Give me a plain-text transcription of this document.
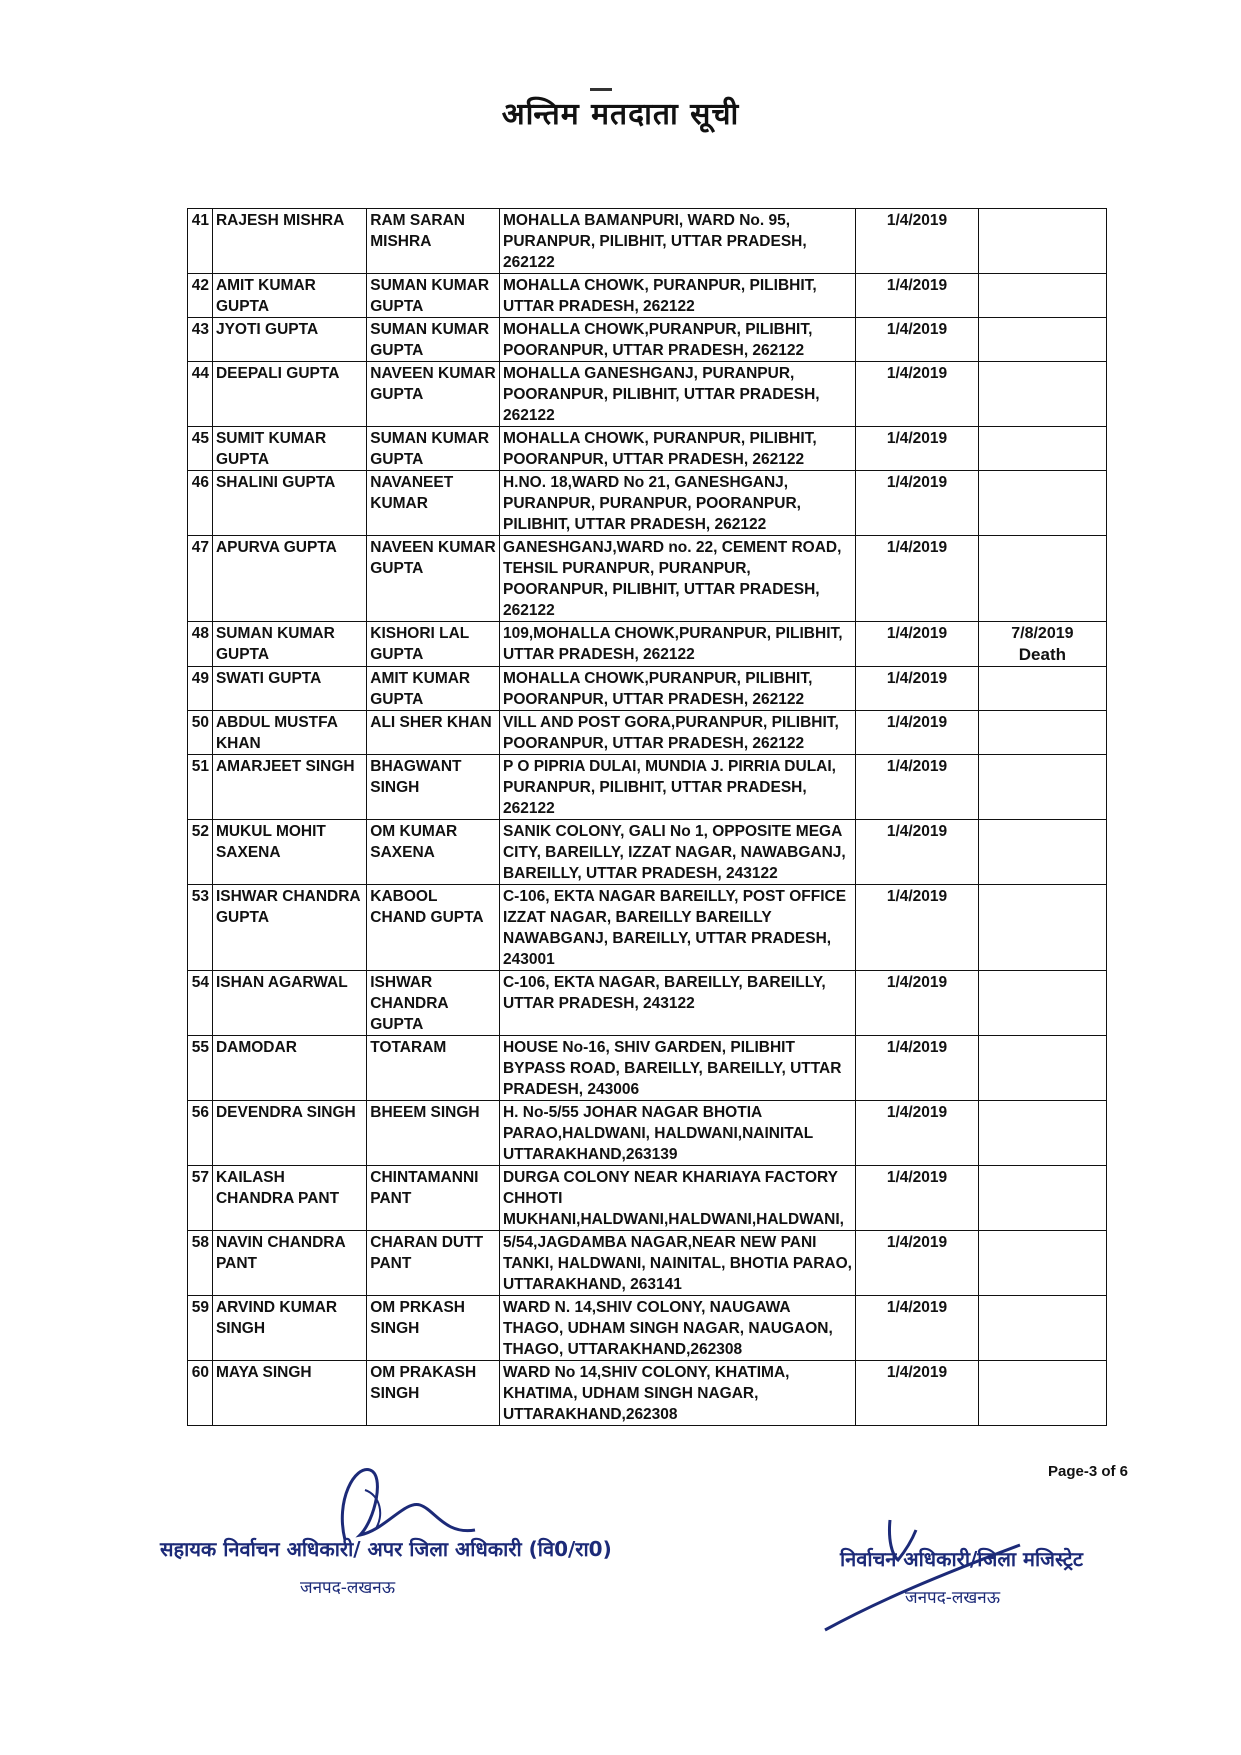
अन्तिम मतदाता सूची
41	RAJESH MISHRA	RAM SARAN MISHRA	MOHALLA BAMANPURI, WARD No. 95, PURANPUR, PILIBHIT, UTTAR PRADESH, 262122	1/4/2019	

42	AMIT KUMAR GUPTA	SUMAN KUMAR GUPTA	MOHALLA CHOWK, PURANPUR, PILIBHIT, UTTAR PRADESH, 262122	1/4/2019	

43	JYOTI GUPTA	SUMAN KUMAR GUPTA	MOHALLA CHOWK,PURANPUR, PILIBHIT, POORANPUR, UTTAR PRADESH, 262122	1/4/2019	

44	DEEPALI GUPTA	NAVEEN KUMAR GUPTA	MOHALLA GANESHGANJ, PURANPUR, POORANPUR, PILIBHIT, UTTAR PRADESH, 262122	1/4/2019	

45	SUMIT KUMAR GUPTA	SUMAN KUMAR GUPTA	MOHALLA CHOWK, PURANPUR, PILIBHIT, POORANPUR, UTTAR PRADESH, 262122	1/4/2019	

46	SHALINI GUPTA	NAVANEET KUMAR	H.NO. 18,WARD No 21, GANESHGANJ, PURANPUR, PURANPUR, POORANPUR, PILIBHIT, UTTAR PRADESH, 262122	1/4/2019	

47	APURVA GUPTA	NAVEEN KUMAR GUPTA	GANESHGANJ,WARD no. 22, CEMENT ROAD, TEHSIL PURANPUR, PURANPUR, POORANPUR, PILIBHIT, UTTAR PRADESH, 262122	1/4/2019	

48	SUMAN KUMAR GUPTA	KISHORI LAL GUPTA	109,MOHALLA CHOWK,PURANPUR, PILIBHIT, UTTAR PRADESH, 262122	1/4/2019	7/8/2019
Death

49	SWATI GUPTA	AMIT KUMAR GUPTA	MOHALLA CHOWK,PURANPUR, PILIBHIT, POORANPUR, UTTAR PRADESH, 262122	1/4/2019	

50	ABDUL MUSTFA KHAN	ALI SHER KHAN	VILL AND POST GORA,PURANPUR, PILIBHIT, POORANPUR, UTTAR PRADESH, 262122	1/4/2019	

51	AMARJEET SINGH	BHAGWANT SINGH	P O PIPRIA DULAI, MUNDIA J. PIRRIA DULAI, PURANPUR, PILIBHIT, UTTAR PRADESH, 262122	1/4/2019	

52	MUKUL MOHIT SAXENA	OM KUMAR SAXENA	SANIK COLONY, GALI No 1, OPPOSITE MEGA CITY, BAREILLY, IZZAT NAGAR, NAWABGANJ, BAREILLY, UTTAR PRADESH, 243122	1/4/2019	

53	ISHWAR CHANDRA GUPTA	KABOOL CHAND GUPTA	C-106, EKTA NAGAR BAREILLY, POST OFFICE IZZAT NAGAR, BAREILLY BAREILLY NAWABGANJ, BAREILLY, UTTAR PRADESH, 243001	1/4/2019	

54	ISHAN AGARWAL	ISHWAR CHANDRA GUPTA	C-106, EKTA NAGAR, BAREILLY, BAREILLY, UTTAR PRADESH, 243122	1/4/2019	

55	DAMODAR	TOTARAM	HOUSE No-16, SHIV GARDEN, PILIBHIT BYPASS ROAD, BAREILLY, BAREILLY, UTTAR PRADESH, 243006	1/4/2019	

56	DEVENDRA SINGH	BHEEM SINGH	H. No-5/55 JOHAR NAGAR BHOTIA PARAO,HALDWANI, HALDWANI,NAINITAL UTTARAKHAND,263139	1/4/2019	

57	KAILASH CHANDRA PANT	CHINTAMANNI PANT	DURGA COLONY NEAR KHARIAYA FACTORY CHHOTI MUKHANI,HALDWANI,HALDWANI,HALDWANI,	1/4/2019	

58	NAVIN CHANDRA PANT	CHARAN DUTT PANT	5/54,JAGDAMBA NAGAR,NEAR NEW PANI TANKI, HALDWANI, NAINITAL, BHOTIA PARAO, UTTARAKHAND, 263141	1/4/2019	

59	ARVIND KUMAR SINGH	OM PRKASH SINGH	WARD N. 14,SHIV COLONY, NAUGAWA THAGO, UDHAM SINGH NAGAR, NAUGAON, THAGO, UTTARAKHAND,262308	1/4/2019	

60	MAYA SINGH	OM PRAKASH SINGH	WARD No 14,SHIV COLONY, KHATIMA, KHATIMA, UDHAM SINGH NAGAR, UTTARAKHAND,262308	1/4/2019	
Page-3 of 6
सहायक निर्वाचन अधिकारी/ अपर जिला अधिकारी (वि0/रा0)
जनपद-लखनऊ
निर्वाचन अधिकारी/जिला मजिस्ट्रेट
जनपद-लखनऊ
